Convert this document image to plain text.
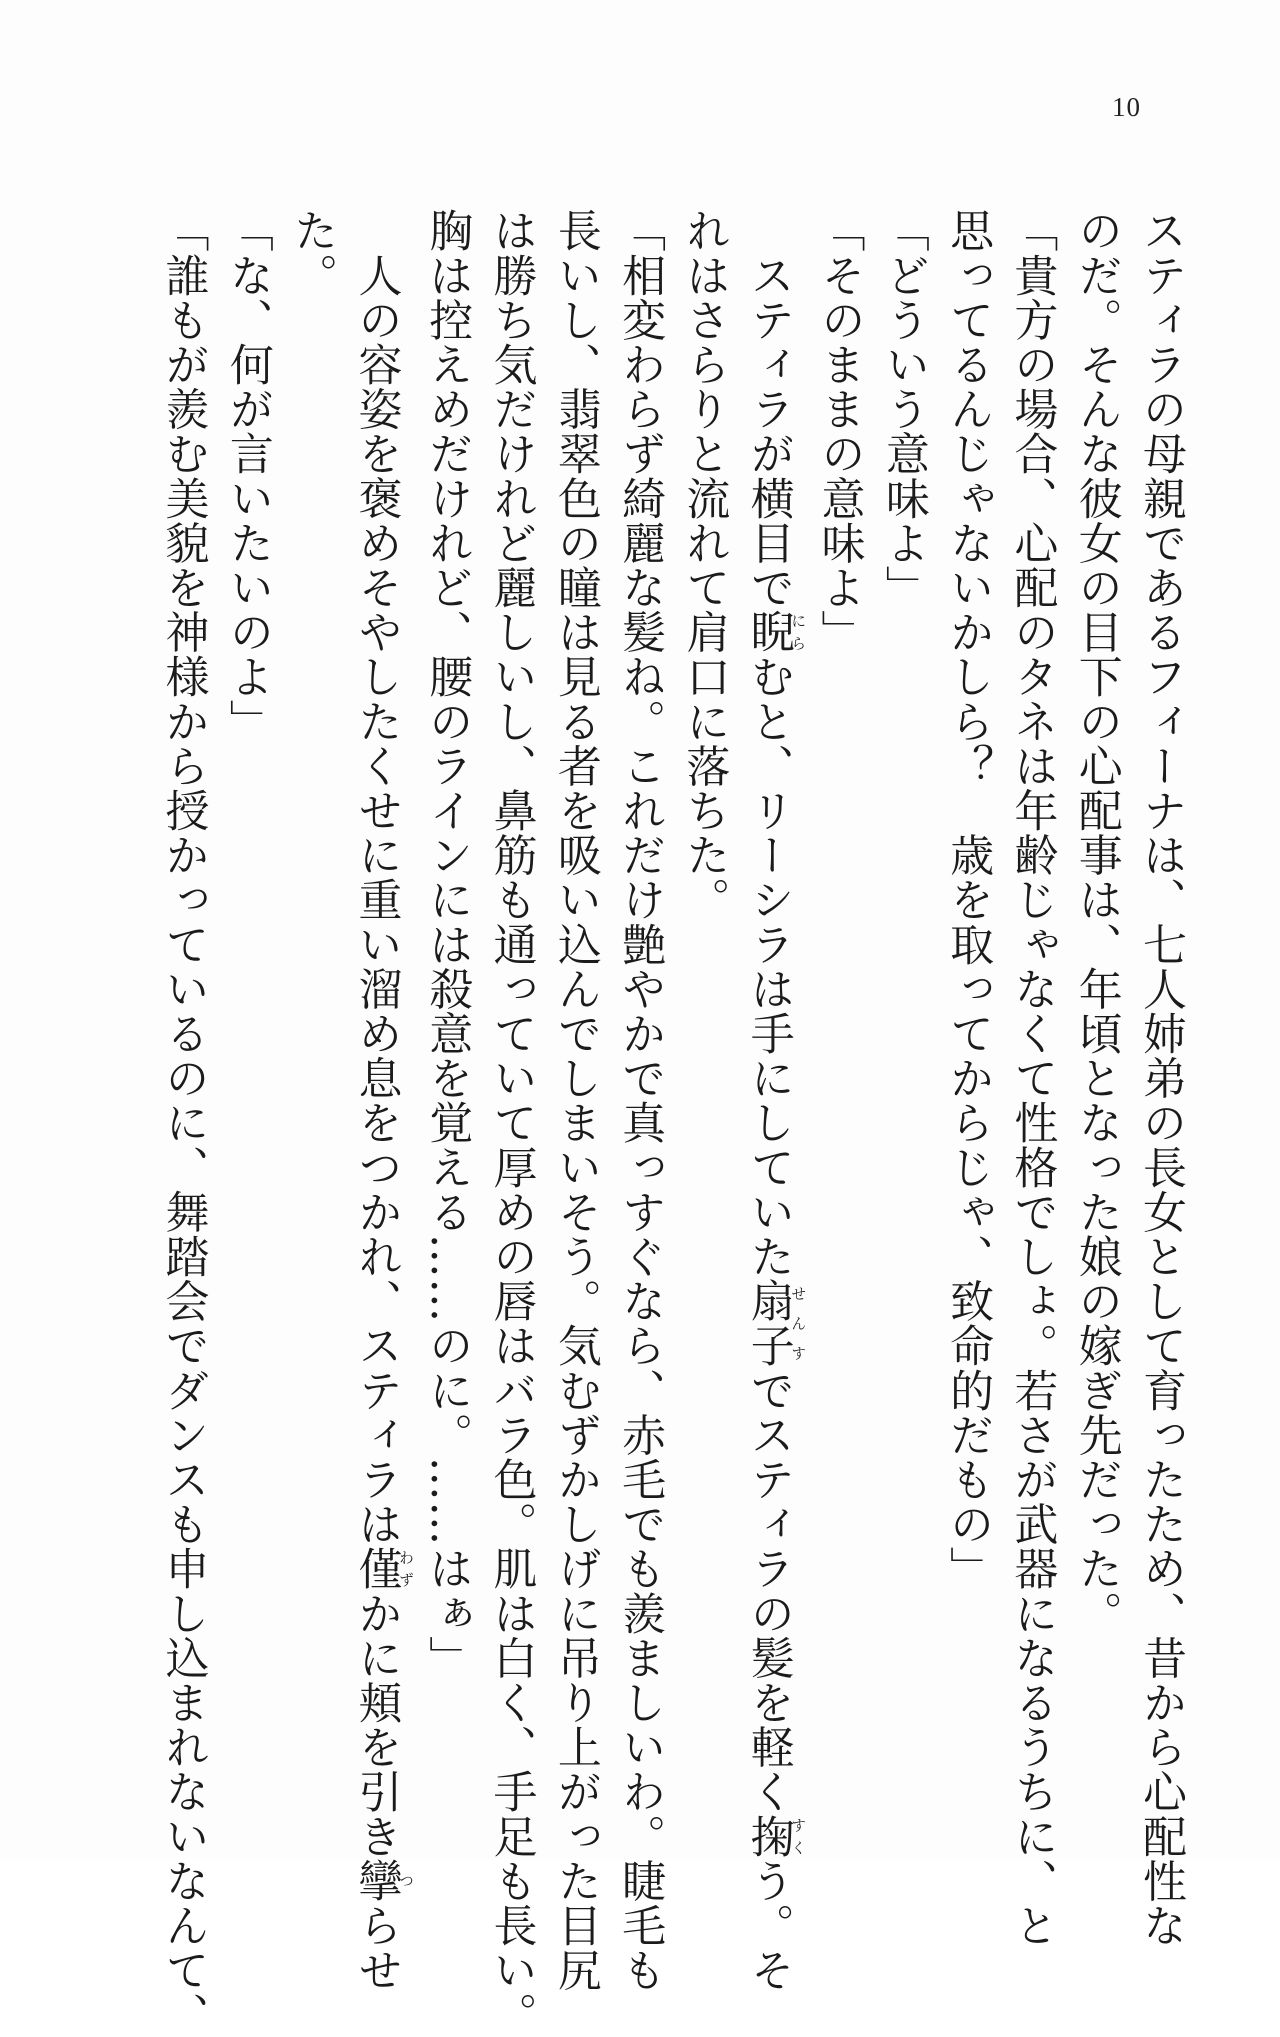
10
スティラの母親であるフィーナは、七人姉弟の長女として育ったため、昔から心配性な
のだ。そんな彼女の目下の心配事は、年頃となった娘の嫁ぎ先だった。
「貴方の場合、心配のタネは年齢じゃなくて性格でしょ。若さが武器になるうちに、と
思ってるんじゃないかしら？　歳を取ってからじゃ、致命的だもの」
「どういう意味よ」
「そのままの意味よ」
　スティラが横目で睨にらむと、リーシラは手にしていた扇子せんすでスティラの髪を軽く掬すくう。そ
れはさらりと流れて肩口に落ちた。
「相変わらず綺麗な髪ね。これだけ艶やかで真っすぐなら、赤毛でも羨ましいわ。睫毛も
長いし、翡翠色の瞳は見る者を吸い込んでしまいそう。気むずかしげに吊り上がった目尻
は勝ち気だけれど麗しいし、鼻筋も通っていて厚めの唇はバラ色。肌は白く、手足も長い。
胸は控えめだけれど、腰のラインには殺意を覚える……のに。……はぁ」
　人の容姿を褒めそやしたくせに重い溜め息をつかれ、スティラは僅わずかに頬を引き攣つらせ
た。
「な、何が言いたいのよ」
「誰もが羨む美貌を神様から授かっているのに、舞踏会でダンスも申し込まれないなんて、
